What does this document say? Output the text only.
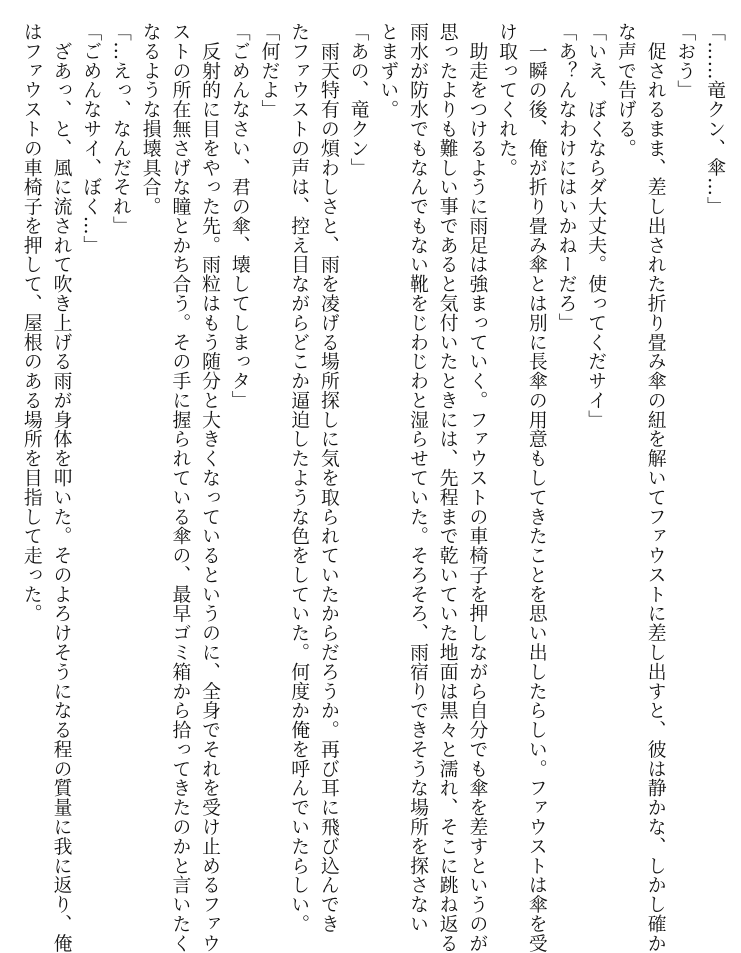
「……竜クン、傘…」

「おう」

　促されるまま、差し出された折り畳み傘の紐を解いてファウストに差し出すと、彼は静かな、しかし確か

な声で告げる。

「いえ、ぼくならダ大丈夫。使ってくだサイ」

「あ？んなわけにはいかねーだろ」

　一瞬の後、俺が折り畳み傘とは別に長傘の用意もしてきたことを思い出したらしい。ファウストは傘を受

け取ってくれた。

　助走をつけるように雨足は強まっていく。ファウストの車椅子を押しながら自分でも傘を差すというのが

思ったよりも難しい事であると気付いたときには、先程まで乾いていた地面は黒々と濡れ、そこに跳ね返る

雨水が防水でもなんでもない靴をじわじわと湿らせていた。そろそろ、雨宿りできそうな場所を探さない

とまずい。

「あの、竜クン」

　雨天特有の煩わしさと、雨を凌げる場所探しに気を取られていたからだろうか。再び耳に飛び込んでき

たファウストの声は、控え目ながらどこか逼迫したような色をしていた。何度か俺を呼んでいたらしい。

「何だよ」

「ごめんなさい、君の傘、壊してしまっタ」

　反射的に目をやった先。雨粒はもう随分と大きくなっているというのに、全身でそれを受け止めるファウ

ストの所在無さげな瞳とかち合う。その手に握られている傘の、最早ゴミ箱から拾ってきたのかと言いたく

なるような損壊具合。

「…えっ、なんだそれ」

「ごめんなサイ、ぼく…」

　ざあっ、と、風に流されて吹き上げる雨が身体を叩いた。そのよろけそうになる程の質量に我に返り、俺

はファウストの車椅子を押して、屋根のある場所を目指して走った。
